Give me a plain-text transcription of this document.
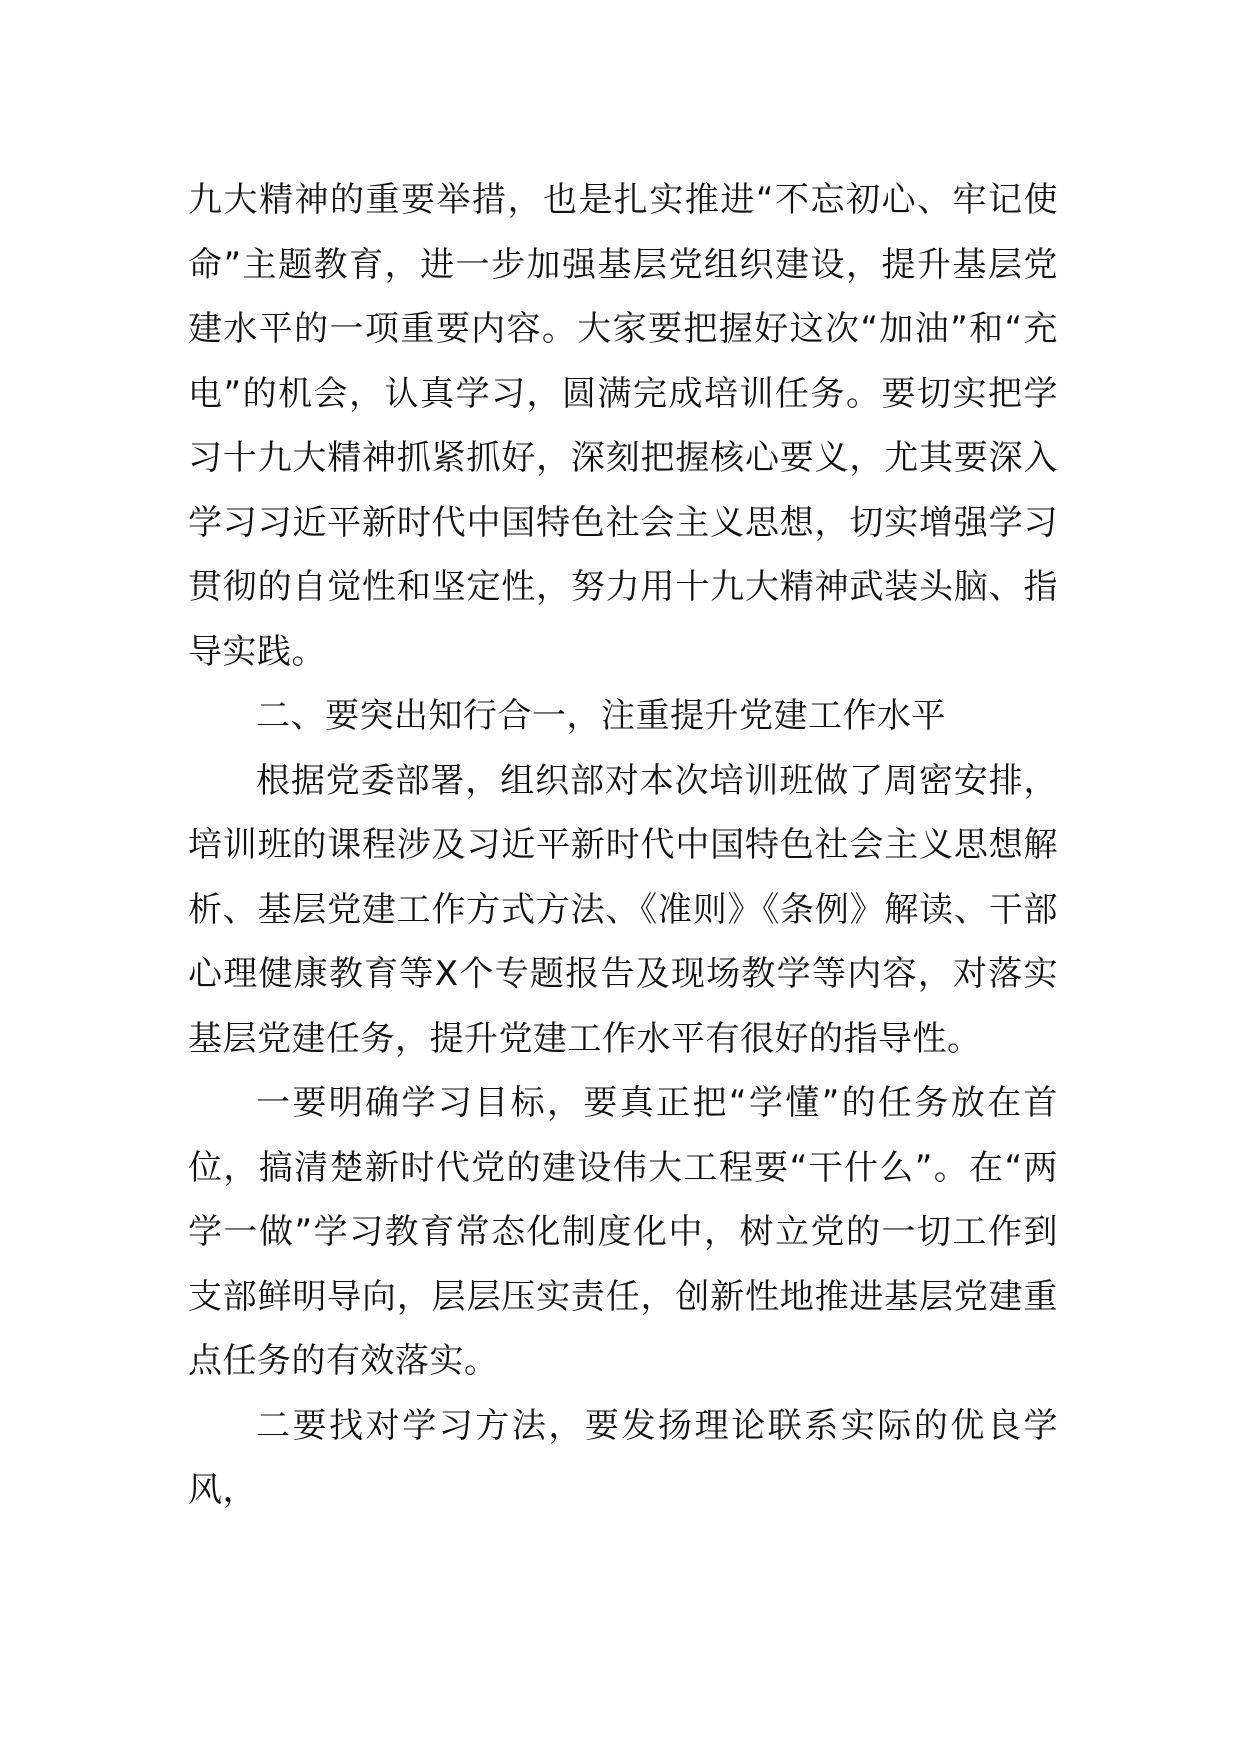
九大精神的重要举措，也是扎实推进“不忘初心、牢记使命”主题教育，进一步加强基层党组织建设，提升基层党建水平的一项重要内容。大家要把握好这次“加油”和“充电”的机会，认真学习，圆满完成培训任务。要切实把学习十九大精神抓紧抓好，深刻把握核心要义，尤其要深入学习习近平新时代中国特色社会主义思想，切实增强学习贯彻的自觉性和坚定性，努力用十九大精神武装头脑、指导实践。

二、要突出知行合一，注重提升党建工作水平

根据党委部署，组织部对本次培训班做了周密安排，培训班的课程涉及习近平新时代中国特色社会主义思想解析、基层党建工作方式方法、《准则》《条例》解读、干部心理健康教育等X个专题报告及现场教学等内容，对落实基层党建任务，提升党建工作水平有很好的指导性。

一要明确学习目标，要真正把“学懂”的任务放在首位，搞清楚新时代党的建设伟大工程要“干什么”。在“两学一做”学习教育常态化制度化中，树立党的一切工作到支部鲜明导向，层层压实责任，创新性地推进基层党建重点任务的有效落实。

二要找对学习方法，要发扬理论联系实际的优良学风，
